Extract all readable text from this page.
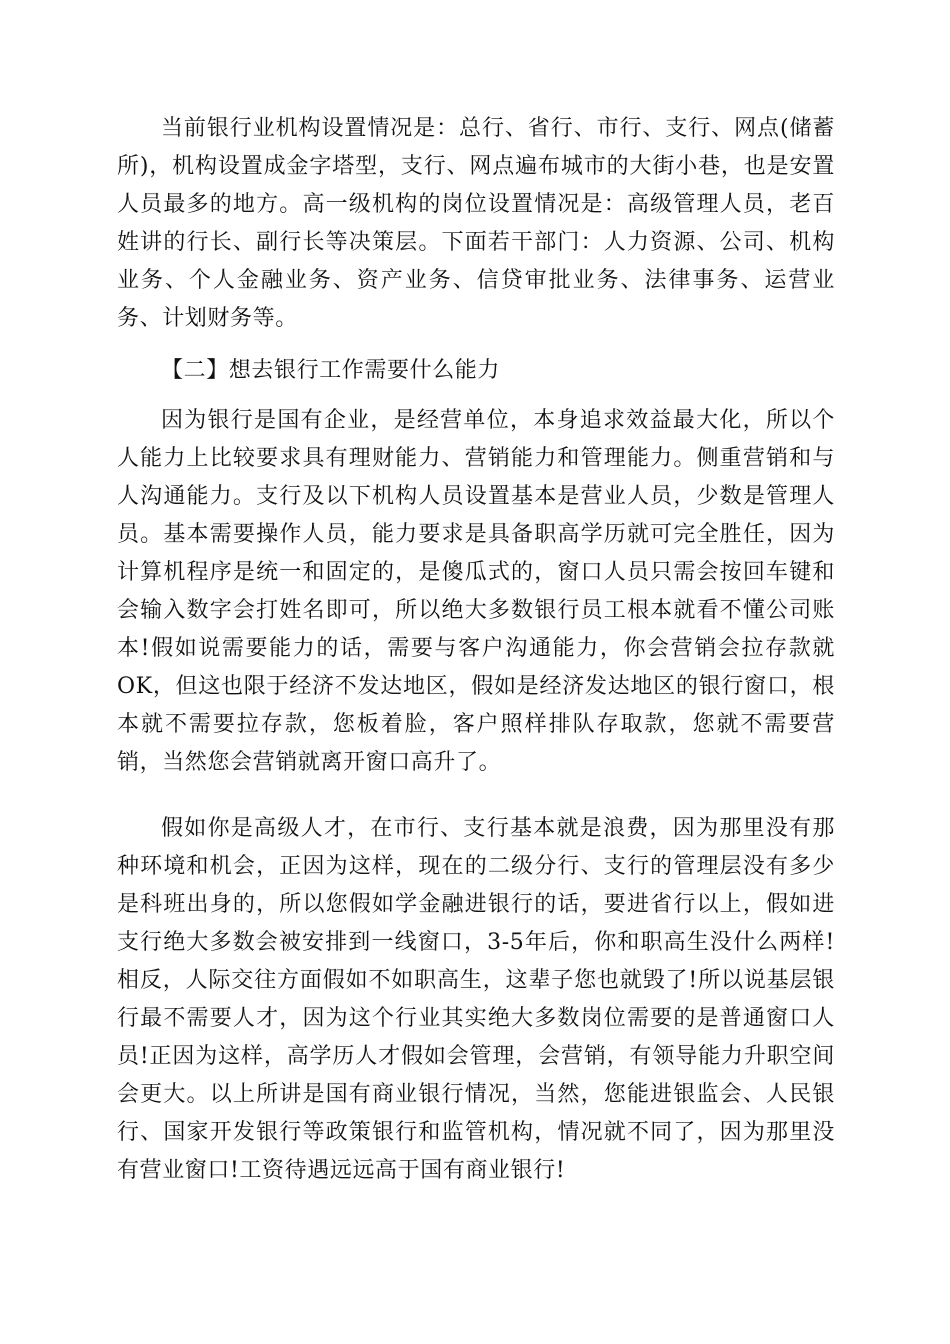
当前银行业机构设置情况是：总行、省行、市行、支行、网点(储蓄所)，机构设置成金字塔型，支行、网点遍布城市的大街小巷，也是安置人员最多的地方。高一级机构的岗位设置情况是：高级管理人员，老百姓讲的行长、副行长等决策层。下面若干部门：人力资源、公司、机构业务、个人金融业务、资产业务、信贷审批业务、法律事务、运营业务、计划财务等。

【二】想去银行工作需要什么能力

因为银行是国有企业，是经营单位，本身追求效益最大化，所以个人能力上比较要求具有理财能力、营销能力和管理能力。侧重营销和与人沟通能力。支行及以下机构人员设置基本是营业人员，少数是管理人员。基本需要操作人员，能力要求是具备职高学历就可完全胜任，因为计算机程序是统一和固定的，是傻瓜式的，窗口人员只需会按回车键和会输入数字会打姓名即可，所以绝大多数银行员工根本就看不懂公司账本!假如说需要能力的话，需要与客户沟通能力，你会营销会拉存款就OK，但这也限于经济不发达地区，假如是经济发达地区的银行窗口，根本就不需要拉存款，您板着脸，客户照样排队存取款，您就不需要营销，当然您会营销就离开窗口高升了。

假如你是高级人才，在市行、支行基本就是浪费，因为那里没有那种环境和机会，正因为这样，现在的二级分行、支行的管理层没有多少是科班出身的，所以您假如学金融进银行的话，要进省行以上，假如进支行绝大多数会被安排到一线窗口，3-5年后，你和职高生没什么两样!相反，人际交往方面假如不如职高生，这辈子您也就毁了!所以说基层银行最不需要人才，因为这个行业其实绝大多数岗位需要的是普通窗口人员!正因为这样，高学历人才假如会管理，会营销，有领导能力升职空间会更大。以上所讲是国有商业银行情况，当然，您能进银监会、人民银行、国家开发银行等政策银行和监管机构，情况就不同了，因为那里没有营业窗口!工资待遇远远高于国有商业银行!
